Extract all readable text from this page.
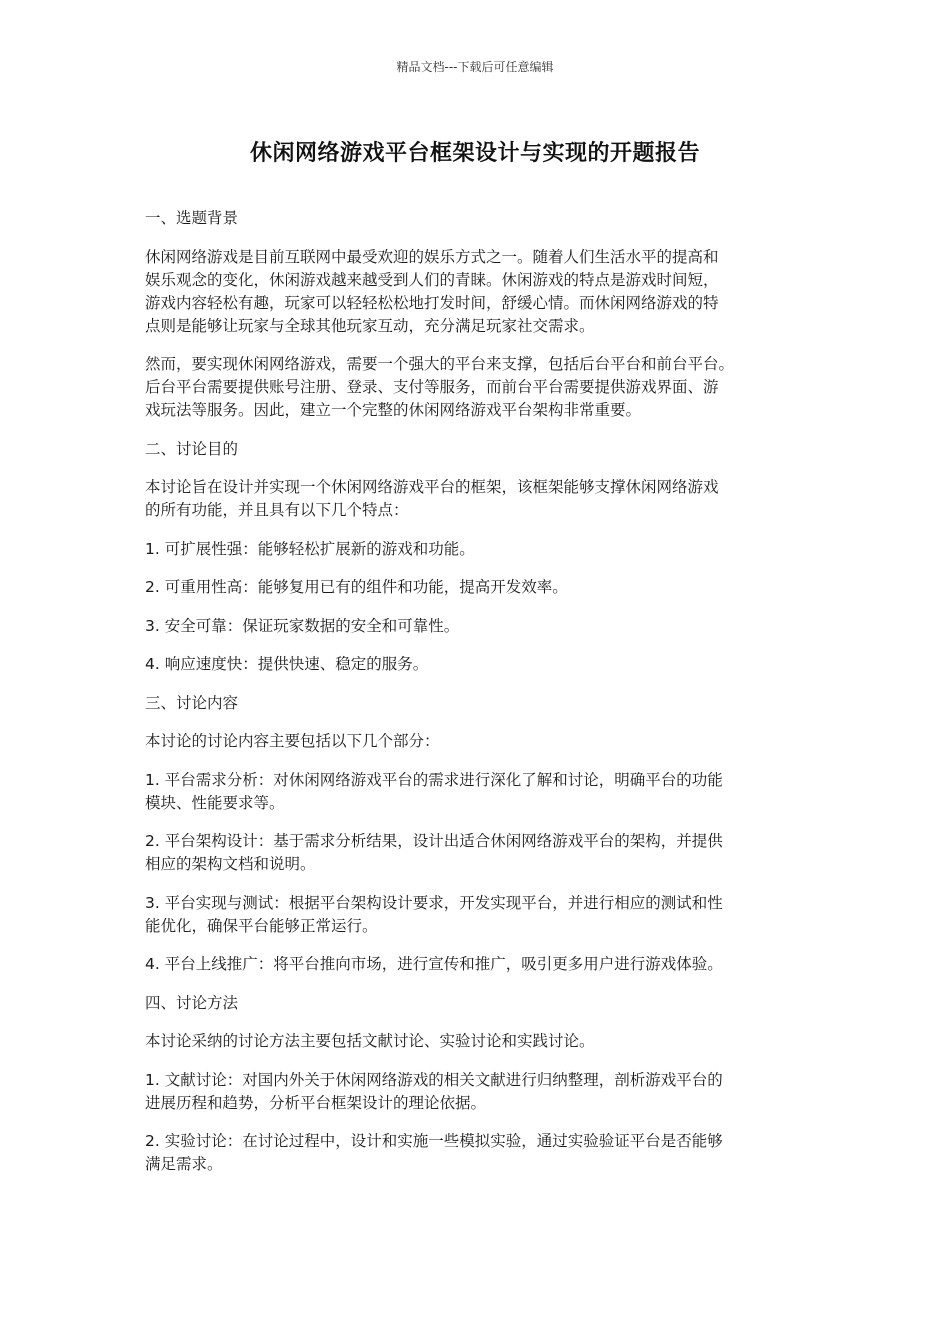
精品文档---下载后可任意编辑
休闲网络游戏平台框架设计与实现的开题报告
一、选题背景
休闲网络游戏是目前互联网中最受欢迎的娱乐方式之一。随着人们生活水平的提高和
娱乐观念的变化，休闲游戏越来越受到人们的青睐。休闲游戏的特点是游戏时间短，
游戏内容轻松有趣，玩家可以轻轻松松地打发时间，舒缓心情。而休闲网络游戏的特
点则是能够让玩家与全球其他玩家互动，充分满足玩家社交需求。
然而，要实现休闲网络游戏，需要一个强大的平台来支撑，包括后台平台和前台平台。
后台平台需要提供账号注册、登录、支付等服务，而前台平台需要提供游戏界面、游
戏玩法等服务。因此，建立一个完整的休闲网络游戏平台架构非常重要。
二、讨论目的
本讨论旨在设计并实现一个休闲网络游戏平台的框架，该框架能够支撑休闲网络游戏
的所有功能，并且具有以下几个特点：
1. 可扩展性强：能够轻松扩展新的游戏和功能。
2. 可重用性高：能够复用已有的组件和功能，提高开发效率。
3. 安全可靠：保证玩家数据的安全和可靠性。
4. 响应速度快：提供快速、稳定的服务。
三、讨论内容
本讨论的讨论内容主要包括以下几个部分：
1. 平台需求分析：对休闲网络游戏平台的需求进行深化了解和讨论，明确平台的功能
模块、性能要求等。
2. 平台架构设计：基于需求分析结果，设计出适合休闲网络游戏平台的架构，并提供
相应的架构文档和说明。
3. 平台实现与测试：根据平台架构设计要求，开发实现平台，并进行相应的测试和性
能优化，确保平台能够正常运行。
4. 平台上线推广：将平台推向市场，进行宣传和推广，吸引更多用户进行游戏体验。
四、讨论方法
本讨论采纳的讨论方法主要包括文献讨论、实验讨论和实践讨论。
1. 文献讨论：对国内外关于休闲网络游戏的相关文献进行归纳整理，剖析游戏平台的
进展历程和趋势，分析平台框架设计的理论依据。
2. 实验讨论：在讨论过程中，设计和实施一些模拟实验，通过实验验证平台是否能够
满足需求。
